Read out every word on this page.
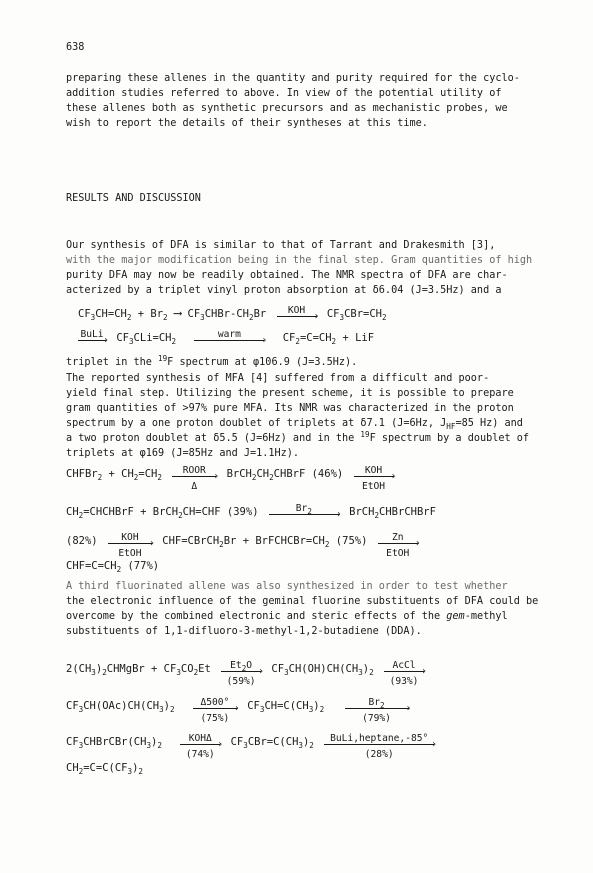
638
preparing these allenes in the quantity and purity required for the cyclo-
addition studies referred to above. In view of the potential utility of
these allenes both as synthetic precursors and as mechanistic probes, we
wish to report the details of their syntheses at this time.
RESULTS AND DISCUSSION
Our synthesis of DFA is similar to that of Tarrant and Drakesmith [3],
with the major modification being in the final step. Gram quantities of high
purity DFA may now be readily obtained. The NMR spectra of DFA are char-
acterized by a triplet vinyl proton absorption at δ6.04 (J=3.5Hz) and a
$CF_3CH=CH_2 + Br_2$ ⟶ $CF_3CHBr-CH_2Br$	KOH
› $CF_3CBr=CH_2$
BuLi
› $CF_3CLi=CH_2$
warm
› $CF_2=C=CH_2$ + LiF
triplet in the $^{19}$F spectrum at φ106.9 (J=3.5Hz).
The reported synthesis of MFA [4] suffered from a difficult and poor-
yield final step. Utilizing the present scheme, it is possible to prepare
gram quantities of >97% pure MFA. Its NMR was characterized in the proton
spectrum by a one proton doublet of triplets at δ7.1 (J=6Hz, $J_{HF}=85$ Hz) and
a two proton doublet at δ5.5 (J=6Hz) and in the $^{19}$F spectrum by a doublet of
triplets at φ169 (J=85Hz and J=1.1Hz).
CHFBr$_2$ + $CH_2=CH_2$
ROOR
›
Δ
$BrCH_2CH_2CHBrF$ (46%)	KOH
›
EtOH
$CH_2=CHCHBrF$ + BrCH$_2$CH=CHF (39%)	$Br_2$	› BrCH$_2$CHBrCHBrF
(82%)	KOH
›
EtOH
CHF=CBrCH$_2$Br + $BrFCHCBr=CH_2$ (75%)	Zn
›
EtOH
$CHF=C=CH_2$ (77%)
A third fluorinated allene was also synthesized in order to test whether
the electronic influence of the geminal fluorine substituents of DFA could be
overcome by the combined electronic and steric effects of the gem-methyl
substituents of 1,1-difluoro-3-methyl-1,2-butadiene (DDA).
$2(CH_3)_2CHMgBr + CF_3CO_2Et$	$Et_2O$
›
(59%)
$CF_3CH(OH)CH(CH_3)_2$
AcCl
›
(93%)
$CF_3CH(OAc)CH(CH_3)_2$
Δ500°
›
(75%)
$CF_3CH=C(CH_3)_2$
$Br_2$	›
(79%)
$CF_3CHBrCBr(CH_3)_2$
KOHΔ
›
(74%)
$CF_3CBr=C(CH_3)_2$
BuLi,heptane,-85°
›
(28%)
$CH_2=C=C(CF_3)_2$
